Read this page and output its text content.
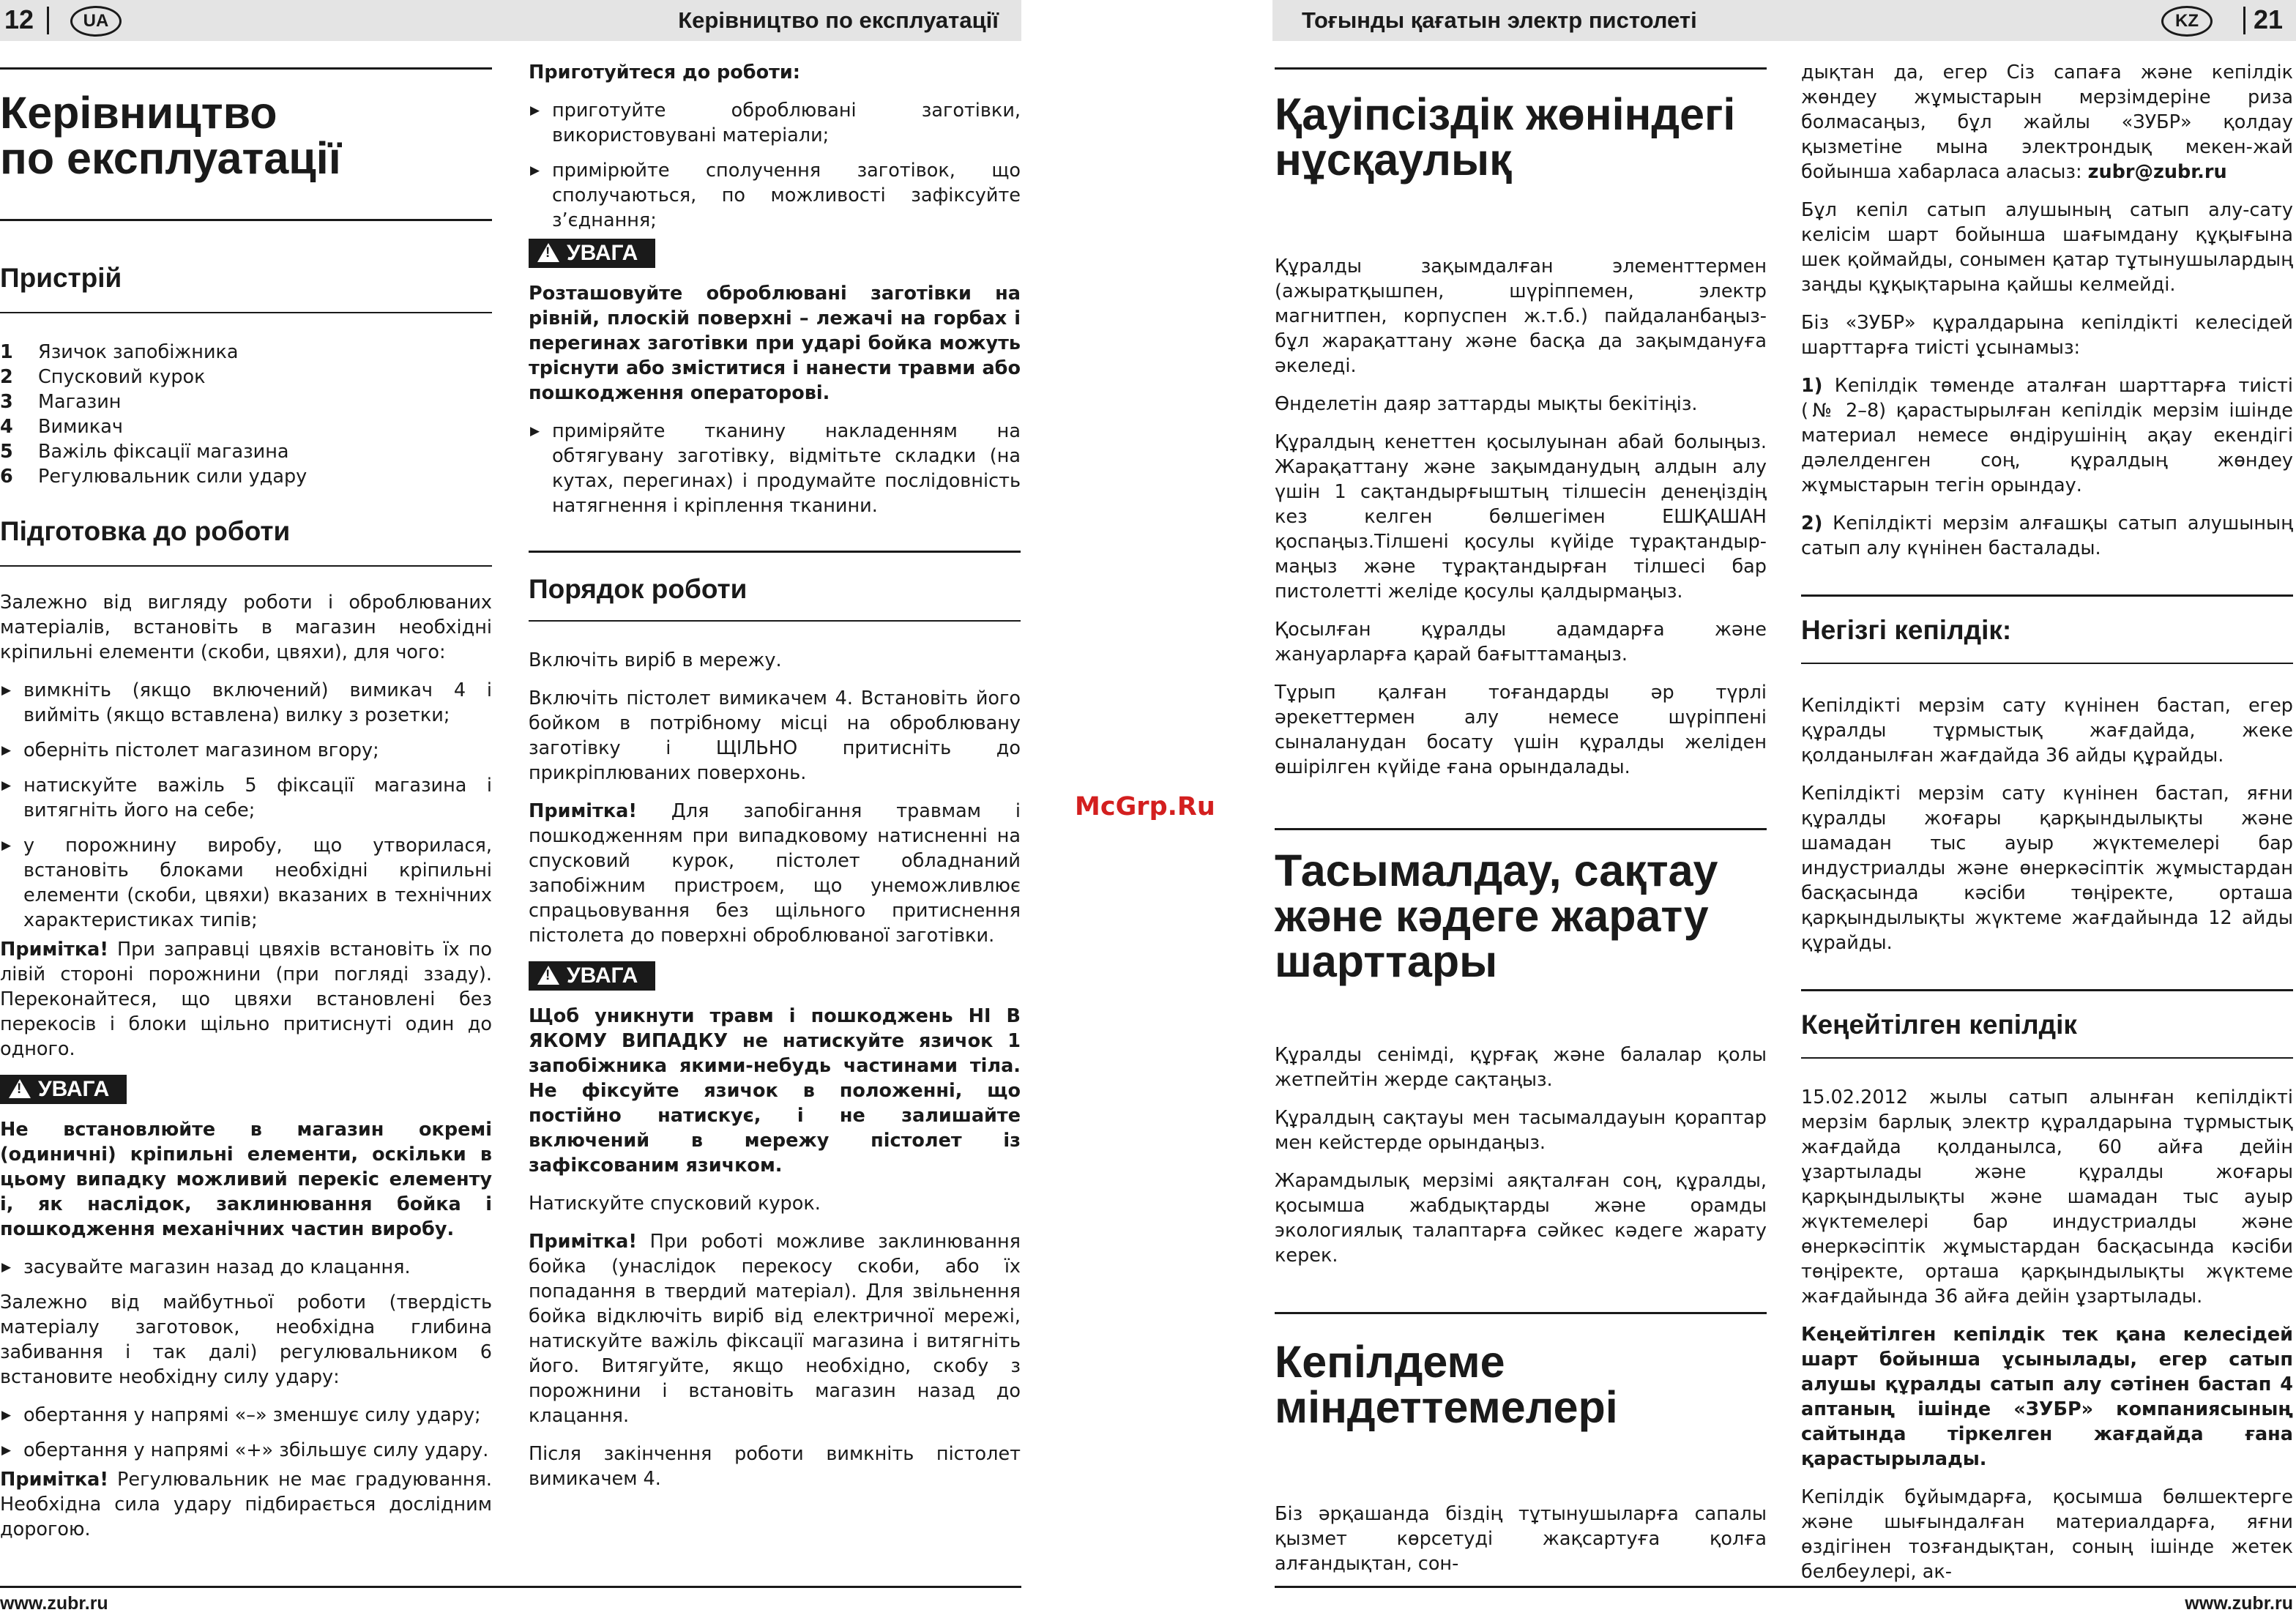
12	UA	Керівництво по експлуатації	Тоғынды қағатын электр пистолеті	KZ	21
McGrp.Ru

Керівництво
по експлуатації

Пристрій

1	Язичок запобіжника
2	Спусковий курок
3	Магазин
4	Вимикач
5	Важіль фіксації магазина
6	Регулювальник сили удару

Підготовка до роботи

Залежно від вигляду роботи і оброблюваних матеріалів, встановіть в магазин необхідні кріпильні елементи (скоби, цвяхи), для чого:

▶ вимкніть (якщо включений) вимикач 4 і вийміть (якщо вставлена) вилку з розетки;
▶ оберніть пістолет магазином вгору;
▶ натискуйте важіль 5 фіксації магазина і витягніть його на себе;
▶ у порожнину виробу, що утворилася, встановіть блоками необхідні кріпильні елементи (скоби, цвяхи) вказаних в технічних характеристиках типів;

Примітка! При заправці цвяхів встановіть їх по лівій стороні порожнини (при погляді ззаду). Переконайтеся, що цвяхи встановлені без перекосів і блоки щільно притиснуті один до одного.

!УВАГА

Не встановлюйте в магазин окремі (одиничні) кріпильні елементи, оскільки в цьому випадку можливий перекіс елементу і, як наслідок, заклинювання бойка і пошкодження механічних частин виробу.

▶ засувайте магазин назад до клацання.

Залежно від майбутньої роботи (твердість матеріалу заготовок, необхідна глибина забивання і так далі) регулювальником 6 встановите необхідну силу удару:

▶ обертання у напрямі «–» зменшує силу удару;
▶ обертання у напрямі «+» збільшує силу удару.

Примітка! Регулювальник не має градуювання. Необхідна сила удару підбирається дослідним дорогою.

Приготуйтеся до роботи:

▶ приготуйте оброблювані заготівки, використовувані матеріали;
▶ примірюйте сполучення заготівок, що сполучаються, по можливості зафіксуйте з’єднання;
!УВАГА

Розташовуйте оброблювані заготівки на рівній, плоскій поверхні – лежачі на горбах і перегинах заготівки при ударі бойка можуть тріснути або зміститися і нанести травми або пошкодження операторові.

▶ приміряйте тканину накладенням на обтягувану заготівку, відмітьте складки (на кутах, перегинах) і продумайте послідовність натягнення і кріплення тканини.

Порядок роботи

Включіть виріб в мережу.

Включіть пістолет вимикачем 4. Встановіть його бойком в потрібному місці на оброблювану заготівку і ЩІЛЬНО притисніть до прикріплюваних поверхонь.

Примітка! Для запобігання травмам і пошкодженням при випадковому натисненні на спусковий курок, пістолет обладнаний запобіжним пристроєм, що унеможливлює спрацьовування без щільного притиснення пістолета до поверхні оброблюваної заготівки.

!УВАГА

Щоб уникнути травм і пошкоджень НІ В ЯКОМУ ВИПАДКУ не натискуйте язичок 1 запобіжника якими-небудь частинами тіла. Не фіксуйте язичок в положенні, що постійно натискує, і не залишайте включений в мережу пістолет із зафіксованим язичком.

Натискуйте спусковий курок.

Примітка! При роботі можливе заклинювання бойка (унаслідок перекосу скоби, або їх попадання в твердий матеріал). Для звільнення бойка відключіть виріб від електричної мережі, натискуйте важіль фіксації магазина і витягніть його. Витягуйте, якщо необхідно, скобу з порожнини і встановіть магазин назад до клацання.

Після закінчення роботи вимкніть пістолет вимикачем 4.

Қауіпсіздік жөніндегі
нұсқаулық

Құралды зақымдалған элементтермен (ажыратқышпен, шүріппемен, электр магнитпен, корпуспен ж.т.б.) пайдаланбаңыз-бұл жарақаттану және басқа да зақымдануға әкеледі.

Өнделетін даяр заттарды мықты бекітіңіз.

Құралдың кенеттен қосылуынан абай болыңыз. Жарақаттану және зақымданудың алдын алу үшін 1 сақтандырғыштың тілшесін денеңіздің кез келген бөлшегімен ЕШҚАШАН қоспаңыз.Тілшені қосулы күйіде тұрақтандыр-маңыз және тұрақтандырған тілшесі бар пистолетті желіде қосулы қалдырмаңыз.

Қосылған құралды адамдарға және жануарларға қарай бағыттамаңыз.

Тұрып қалған тоғандарды әр түрлі әрекеттермен алу немесе шүріппені сыналанудан босату үшін құралды желіден өшірілген күйіде ғана орындалады.

Тасымалдау, сақтау
және кәдеге жарату
шарттары

Құралды сенімді, құрғақ және балалар қолы жетпейтін жерде сақтаңыз.

Құралдың сақтауы мен тасымалдауын қораптар мен кейстерде орындаңыз.

Жарамдылық мерзімі аяқталған соң, құралды, қосымша жабдықтарды және орамды экологиялық талаптарға сәйкес кәдеге жарату керек.

Кепілдеме
міндеттемелері

Біз әрқашанда біздің тұтынушыларға сапалы қызмет көрсетуді жақсартуға қолға алғандықтан, сон-

дықтан да, егер Сіз сапаға және кепілдік жөндеу жұмыстарын мерзімдеріне риза болмасаңыз, бұл жайлы «ЗУБР» қолдау қызметіне мына электрондық мекен-жай бойынша хабарласа аласыз: zubr@zubr.ru

Бұл кепіл сатып алушының сатып алу-сату келісім шарт бойынша шағымдану құқығына шек қоймайды, сонымен қатар тұтынушылардың заңды құқықтарына қайшы келмейді.

Біз «ЗУБР» құралдарына кепілдікті келесідей шарттарға тиісті ұсынамыз:

1) Кепілдік төменде аталған шарттарға тиісті (№ 2–8) қарастырылған кепілдік мерзім ішінде материал немесе өндірушінің ақау екендігі дәлелденген соң, құралдың жөндеу жұмыстарын тегін орындау.

2) Кепілдікті мерзім алғашқы сатып алушының сатып алу күнінен басталады.

Негізгі кепілдік:

Кепілдікті мерзім сату күнінен бастап, егер құралды тұрмыстық жағдайда, жеке қолданылған жағдайда 36 айды құрайды.

Кепілдікті мерзім сату күнінен бастап, яғни құралды жоғары қарқындылықты және шамадан тыс ауыр жүктемелері бар индустриалды және өнеркәсіптік жұмыстардан басқасында кәсіби төңіректе, орташа қарқындылықты жүктеме жағдайында 12 айды құрайды.

Кеңейтілген кепілдік

15.02.2012 жылы сатып алынған кепілдікті мерзім барлық электр құралдарына тұрмыстық жағдайда қолданылса, 60 айға дейін ұзартылады және құралды жоғары қарқындылықты және шамадан тыс ауыр жүктемелері бар индустриалды және өнеркәсіптік жұмыстардан басқасында кәсіби төңіректе, орташа қарқындылықты жүктеме жағдайында 36 айға дейін ұзартылады.

Кеңейтілген кепілдік тек қана келесідей шарт бойынша ұсынылады, егер сатып алушы құралды сатып алу сәтінен бастап 4 аптаның ішінде «ЗУБР» компаниясының сайтында тіркелген жағдайда ғана қарастырылады.

Кепілдік бұйымдарға, қосымша бөлшектерге және шығындалған материалдарға, яғни өздігінен тозғандықтан, соның ішінде жетек белбеулері, ак-

www.zubr.ru	www.zubr.ru
